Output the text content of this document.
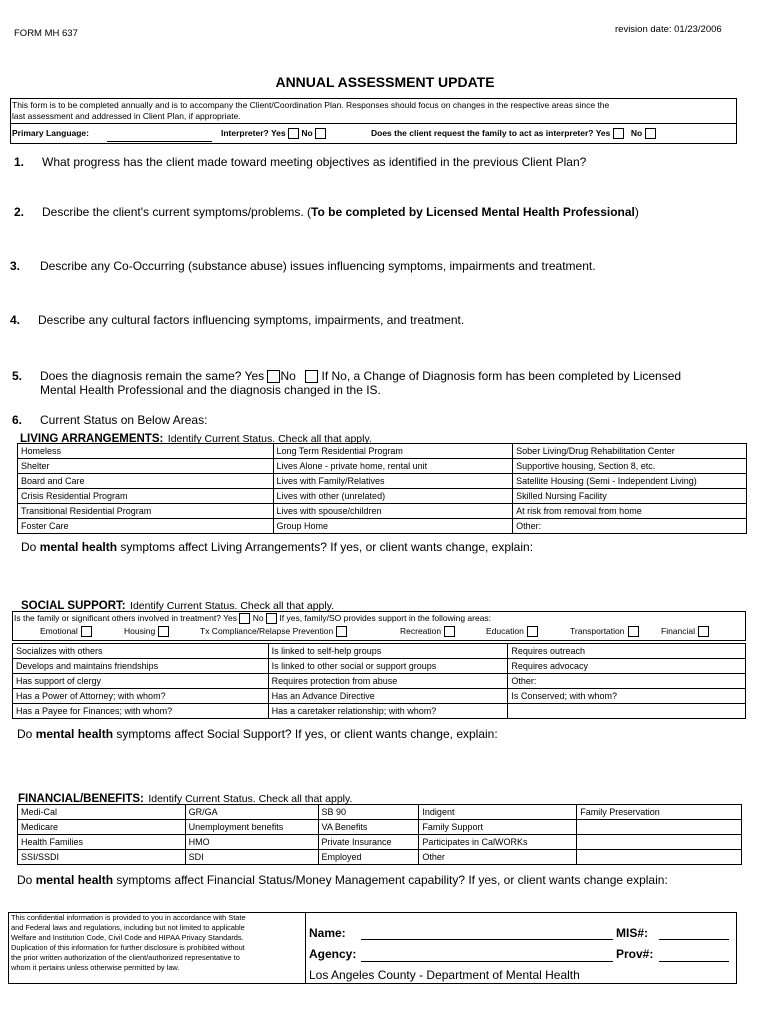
FORM MH 637	revision date: 01/23/2006
ANNUAL ASSESSMENT UPDATE
This form is to be completed annually and is to accompany the Client/Coordination Plan. Responses should focus on changes in the respective areas since the
last assessment and addressed in Client Plan, if appropriate.
Primary Language:	Interpreter? Yes No	Does the client request the family to act as interpreter? Yes No
1. What progress has the client made toward meeting objectives as identified in the previous Client Plan?
2. Describe the client's current symptoms/problems. (To be completed by Licensed Mental Health Professional)
3. Describe any Co-Occurring (substance abuse) issues influencing symptoms, impairments and treatment.
4. Describe any cultural factors influencing symptoms, impairments, and treatment.
5. Does the diagnosis remain the same? Yes No If No, a Change of Diagnosis form has been completed by Licensed
Mental Health Professional and the diagnosis changed in the IS.
6. Current Status on Below Areas:
LIVING ARRANGEMENTS: Identify Current Status. Check all that apply.
Homeless	Long Term Residential Program	Sober Living/Drug Rehabilitation Center
Shelter	Lives Alone - private home, rental unit	Supportive housing, Section 8, etc.
Board and Care	Lives with Family/Relatives	Satellite Housing (Semi - Independent Living)
Crisis Residential Program	Lives with other (unrelated)	Skilled Nursing Facility
Transitional Residential Program	Lives with spouse/children	At risk from removal from home
Foster Care	Group Home	Other:
Do mental health symptoms affect Living Arrangements? If yes, or client wants change, explain:
SOCIAL SUPPORT: Identify Current Status. Check all that apply.
Is the family or significant others involved in treatment? Yes No If yes, family/SO provides support in the following areas:
Emotional	Housing	Tx Compliance/Relapse Prevention	Recreation	Education	Transportation	Financial
Socializes with others	Is linked to self-help groups	Requires outreach
Develops and maintains friendships	Is linked to other social or support groups	Requires advocacy
Has support of clergy	Requires protection from abuse	Other:
Has a Power of Attorney; with whom?	Has an Advance Directive	Is Conserved; with whom?
Has a Payee for Finances; with whom?	Has a caretaker relationship; with whom?	
Do mental health symptoms affect Social Support? If yes, or client wants change, explain:
FINANCIAL/BENEFITS: Identify Current Status. Check all that apply.
Medi-Cal	GR/GA	SB 90	Indigent	Family Preservation
Medicare	Unemployment benefits	VA Benefits	Family Support	
Health Families	HMO	Private Insurance	Participates in CalWORKs	
SSI/SSDI	SDI	Employed	Other	
Do mental health symptoms affect Financial Status/Money Management capability? If yes, or client wants change explain:
This confidential information is provided to you in accordance with State
and Federal laws and regulations, including but not limited to applicable
Welfare and Institution Code, Civil Code and HIPAA Privacy Standards.
Duplication of this information for further disclosure is prohibited without
the prior written authorization of the client/authorized representative to
whom it pertains unless otherwise permitted by law.
Name:
Agency:
MIS#:
Prov#:
Los Angeles County - Department of Mental Health
